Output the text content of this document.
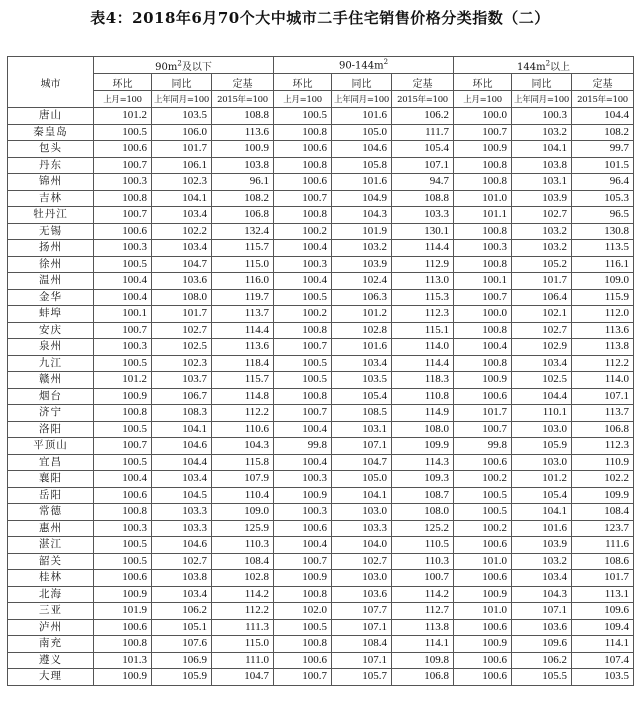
表4：2018年6月70个大中城市二手住宅销售价格分类指数（二）
城市	$90m^2$及以下			$90-144m^2$			$144m^2$以上		
	环比	同比	定基	环比	同比	定基	环比	同比	定基
	上月=100	上年同月=100	2015年=100	上月=100	上年同月=100	2015年=100	上月=100	上年同月=100	2015年=100
唐山	101.2	103.5	108.8	100.5	101.6	106.2	100.0	100.3	104.4
秦皇岛	100.5	106.0	113.6	100.8	105.0	111.7	100.7	103.2	108.2
包头	100.6	101.7	100.9	100.6	104.6	105.4	100.9	104.1	99.7
丹东	100.7	106.1	103.8	100.8	105.8	107.1	100.8	103.8	101.5
锦州	100.3	102.3	96.1	100.6	101.6	94.7	100.8	103.1	96.4
吉林	100.8	104.1	108.2	100.7	104.9	108.8	101.0	103.9	105.3
牡丹江	100.7	103.4	106.8	100.8	104.3	103.3	101.1	102.7	96.5
无锡	100.6	102.2	132.4	100.2	101.9	130.1	100.8	103.2	130.8
扬州	100.3	103.4	115.7	100.4	103.2	114.4	100.3	103.2	113.5
徐州	100.5	104.7	115.0	100.3	103.9	112.9	100.8	105.2	116.1
温州	100.4	103.6	116.0	100.4	102.4	113.0	100.1	101.7	109.0
金华	100.4	108.0	119.7	100.5	106.3	115.3	100.7	106.4	115.9
蚌埠	100.1	101.7	113.7	100.2	101.2	112.3	100.0	102.1	112.0
安庆	100.7	102.7	114.4	100.8	102.8	115.1	100.8	102.7	113.6
泉州	100.3	102.5	113.6	100.7	101.6	114.0	100.4	102.9	113.8
九江	100.5	102.3	118.4	100.5	103.4	114.4	100.8	103.4	112.2
赣州	101.2	103.7	115.7	100.5	103.5	118.3	100.9	102.5	114.0
烟台	100.9	106.7	114.8	100.8	105.4	110.8	100.6	104.4	107.1
济宁	100.8	108.3	112.2	100.7	108.5	114.9	101.7	110.1	113.7
洛阳	100.5	104.1	110.6	100.4	103.1	108.0	100.7	103.0	106.8
平顶山	100.7	104.6	104.3	99.8	107.1	109.9	99.8	105.9	112.3
宜昌	100.5	104.4	115.8	100.4	104.7	114.3	100.6	103.0	110.9
襄阳	100.4	103.4	107.9	100.3	105.0	109.3	100.2	101.2	102.2
岳阳	100.6	104.5	110.4	100.9	104.1	108.7	100.5	105.4	109.9
常德	100.8	103.3	109.0	100.3	103.0	108.0	100.5	104.1	108.4
惠州	100.3	103.3	125.9	100.6	103.3	125.2	100.2	101.6	123.7
湛江	100.5	104.6	110.3	100.4	104.0	110.5	100.6	103.9	111.6
韶关	100.5	102.7	108.4	100.7	102.7	110.3	101.0	103.2	108.6
桂林	100.6	103.8	102.8	100.9	103.0	100.7	100.6	103.4	101.7
北海	100.9	103.4	114.2	100.8	103.6	114.2	100.9	104.3	113.1
三亚	101.9	106.2	112.2	102.0	107.7	112.7	101.0	107.1	109.6
泸州	100.6	105.1	111.3	100.5	107.1	113.8	100.6	103.6	109.4
南充	100.8	107.6	115.0	100.8	108.4	114.1	100.9	109.6	114.1
遵义	101.3	106.9	111.0	100.6	107.1	109.8	100.6	106.2	107.4
大理	100.9	105.9	104.7	100.7	105.7	106.8	100.6	105.5	103.5
